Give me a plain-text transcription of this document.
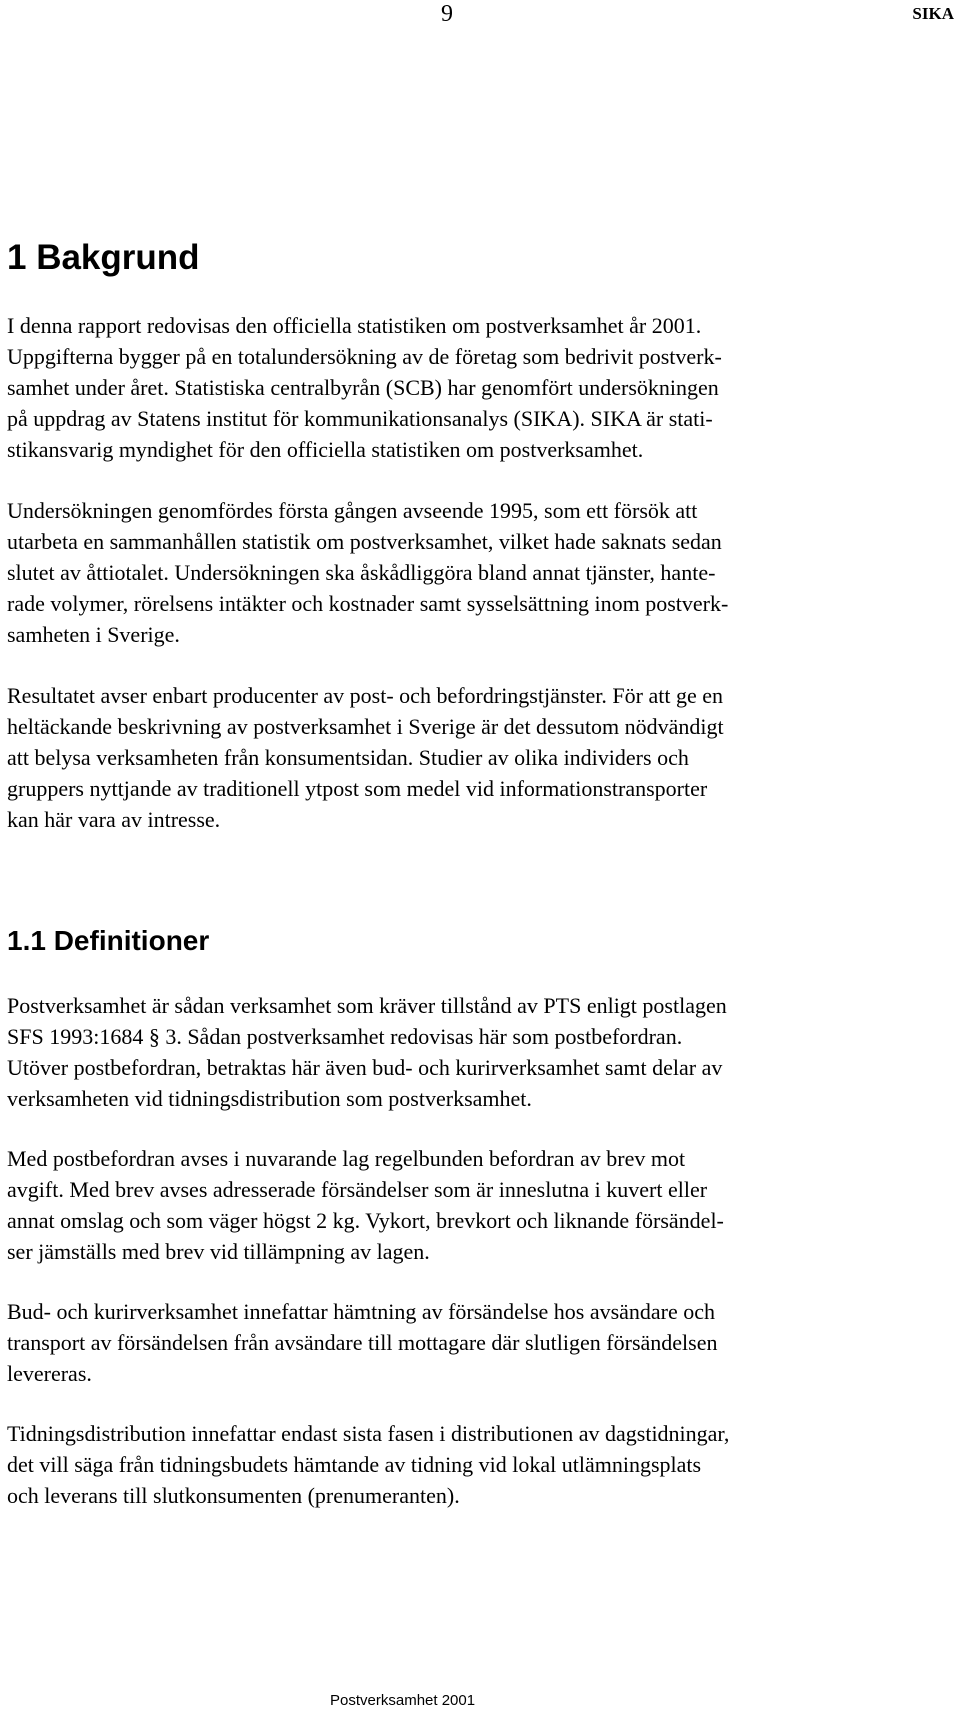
9	SIKA
1 Bakgrund

I denna rapport redovisas den officiella statistiken om postverksamhet år 2001.
Uppgifterna bygger på en totalundersökning av de företag som bedrivit postverk-
samhet under året. Statistiska centralbyrån (SCB) har genomfört undersökningen
på uppdrag av Statens institut för kommunikationsanalys (SIKA). SIKA är stati-
stikansvarig myndighet för den officiella statistiken om postverksamhet.

Undersökningen genomfördes första gången avseende 1995, som ett försök att
utarbeta en sammanhållen statistik om postverksamhet, vilket hade saknats sedan
slutet av åttiotalet. Undersökningen ska åskådliggöra bland annat tjänster, hante-
rade volymer, rörelsens intäkter och kostnader samt sysselsättning inom postverk-
samheten i Sverige.

Resultatet avser enbart producenter av post- och befordringstjänster. För att ge en
heltäckande beskrivning av postverksamhet i Sverige är det dessutom nödvändigt
att belysa verksamheten från konsumentsidan. Studier av olika individers och
gruppers nyttjande av traditionell ytpost som medel vid informationstransporter
kan här vara av intresse.

1.1 Definitioner

Postverksamhet är sådan verksamhet som kräver tillstånd av PTS enligt postlagen
SFS 1993:1684 § 3. Sådan postverksamhet redovisas här som postbefordran.
Utöver postbefordran, betraktas här även bud- och kurirverksamhet samt delar av
verksamheten vid tidningsdistribution som postverksamhet.

Med postbefordran avses i nuvarande lag regelbunden befordran av brev mot
avgift. Med brev avses adresserade försändelser som är inneslutna i kuvert eller
annat omslag och som väger högst 2 kg. Vykort, brevkort och liknande försändel-
ser jämställs med brev vid tillämpning av lagen.

Bud- och kurirverksamhet innefattar hämtning av försändelse hos avsändare och
transport av försändelsen från avsändare till mottagare där slutligen försändelsen
levereras.

Tidningsdistribution innefattar endast sista fasen i distributionen av dagstidningar,
det vill säga från tidningsbudets hämtande av tidning vid lokal utlämningsplats
och leverans till slutkonsumenten (prenumeranten).

Postverksamhet 2001
